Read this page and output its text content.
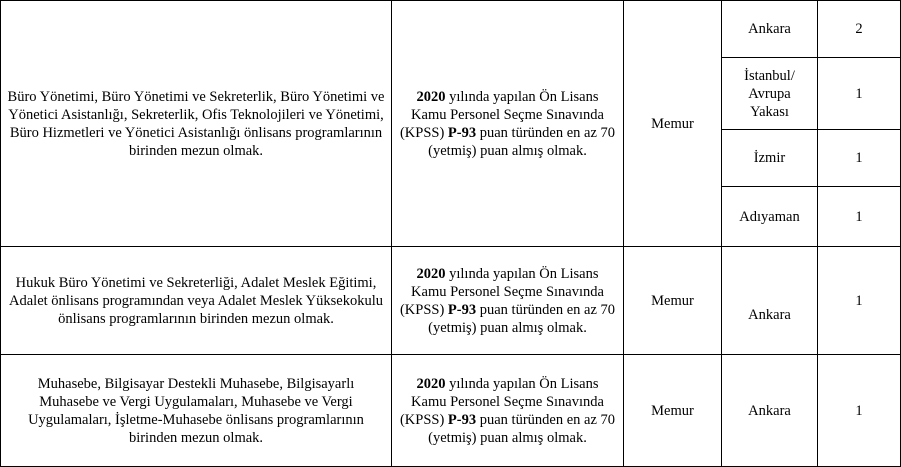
Büro Yönetimi, Büro Yönetimi ve Sekreterlik, Büro Yönetimi ve Yönetici Asistanlığı, Sekreterlik, Ofis Teknolojileri ve Yönetimi, Büro Hizmetleri ve Yönetici Asistanlığı önlisans programlarının birinden mezun olmak.	2020 yılında yapılan Ön Lisans Kamu Personel Seçme Sınavında (KPSS) P-93 puan türünden en az 70 (yetmiş) puan almış olmak.	Memur	Ankara	2
			İstanbul/ Avrupa Yakası	1
			İzmir	1
			Adıyaman	1
Hukuk Büro Yönetimi ve Sekreterliği, Adalet Meslek Eğitimi, Adalet önlisans programından veya Adalet Meslek Yüksekokulu önlisans programlarının birinden mezun olmak.	2020 yılında yapılan Ön Lisans Kamu Personel Seçme Sınavında (KPSS) P-93 puan türünden en az 70 (yetmiş) puan almış olmak.	Memur	Ankara	1
Muhasebe, Bilgisayar Destekli Muhasebe, Bilgisayarlı Muhasebe ve Vergi Uygulamaları, Muhasebe ve Vergi Uygulamaları, İşletme-Muhasebe önlisans programlarının birinden mezun olmak.	2020 yılında yapılan Ön Lisans Kamu Personel Seçme Sınavında (KPSS) P-93 puan türünden en az 70 (yetmiş) puan almış olmak.	Memur	Ankara	1
